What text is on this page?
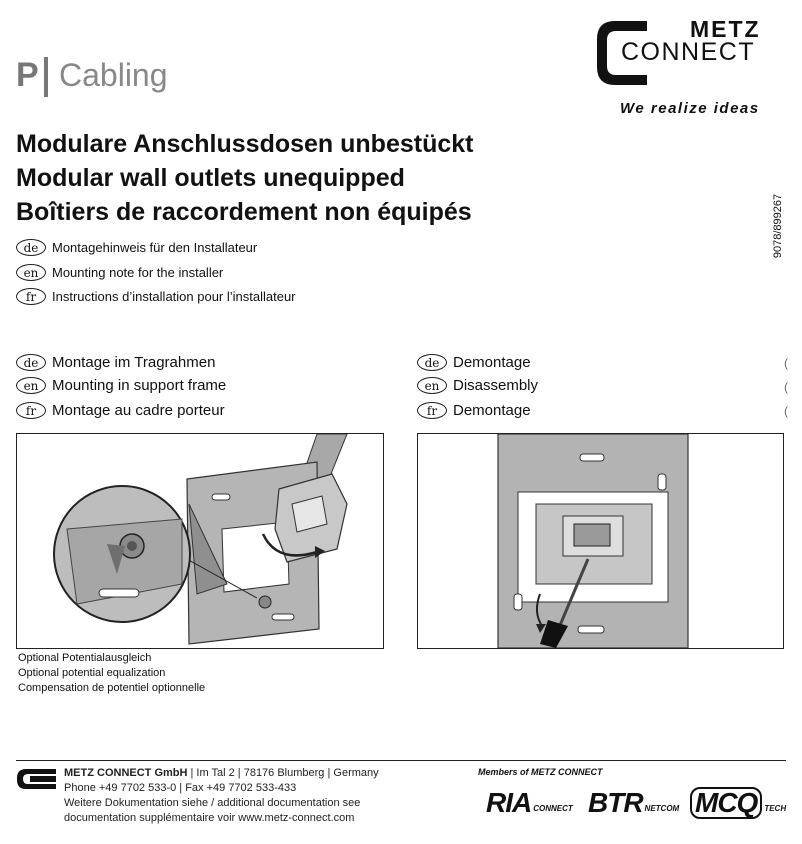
P Cabling
METZ
CONNECT
We realize ideas
Modulare Anschlussdosen unbestückt
Modular wall outlets unequipped
Boîtiers de raccordement non équipés	9078/899267
de	Montagehinweis für den Installateur
en	Mounting note for the installer
fr	Instructions d’installation pour l’installateur
de Montage im Tragrahmen
en Mounting in support frame
fr	Montage au cadre porteur
de Demontage
en Disassembly
fr	Demontage
(
(
(
Optional Potentialausgleich
Optional potential equalization
Compensation de potentiel optionnelle
METZ CONNECT GmbH | Im Tal 2 | 78176 Blumberg | Germany
Phone +49 7702 533-0 | Fax +49 7702 533-433
Weitere Dokumentation siehe / additional documentation see
documentation supplémentaire voir www.metz-connect.com
Members of METZ CONNECT
RIA CONNECT BTR NETCOM MCQ TECH
